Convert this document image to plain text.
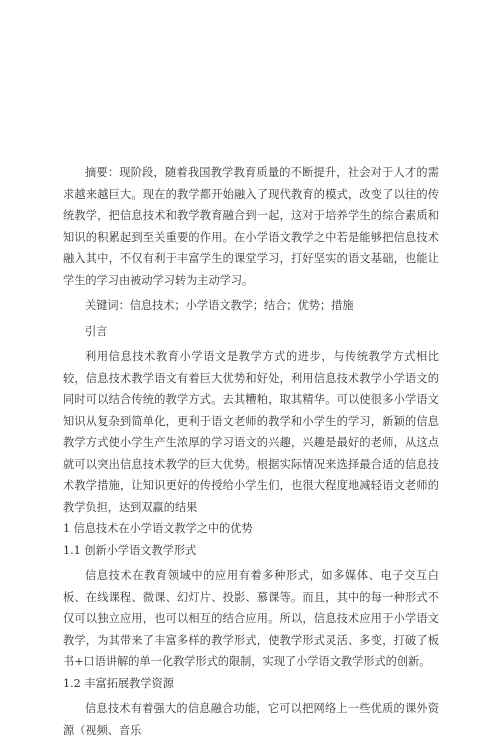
摘要：现阶段，随着我国教学教育质量的不断提升，社会对于人才的需求越来越巨大。现在的教学都开始融入了现代教育的模式，改变了以往的传统教学，把信息技术和教学教育融合到一起，这对于培养学生的综合素质和知识的积累起到至关重要的作用。在小学语文教学之中若是能够把信息技术融入其中，不仅有利于丰富学生的课堂学习，打好坚实的语文基础，也能让学生的学习由被动学习转为主动学习。

关键词：信息技术；小学语文教学；结合；优势；措施

引言

利用信息技术教育小学语文是教学方式的进步，与传统教学方式相比较，信息技术教学语文有着巨大优势和好处，利用信息技术教学小学语文的同时可以结合传统的教学方式。去其糟粕，取其精华。可以使很多小学语文知识从复杂到简单化，更利于语文老师的教学和小学生的学习，新颖的信息教学方式使小学生产生浓厚的学习语文的兴趣，兴趣是最好的老师，从这点就可以突出信息技术教学的巨大优势。根据实际情况来选择最合适的信息技术教学措施，让知识更好的传授给小学生们，也很大程度地减轻语文老师的教学负担，达到双赢的结果

1 信息技术在小学语文教学之中的优势

1.1 创新小学语文教学形式

信息技术在教育领域中的应用有着多种形式，如多媒体、电子交互白板、在线课程、微课、幻灯片、投影、慕课等。而且，其中的每一种形式不仅可以独立应用，也可以相互的结合应用。所以，信息技术应用于小学语文教学，为其带来了丰富多样的教学形式，使教学形式灵活、多变，打破了板书+口语讲解的单一化教学形式的限制，实现了小学语文教学形式的创新。

1.2 丰富拓展教学资源

信息技术有着强大的信息融合功能，它可以把网络上一些优质的课外资源（视频、音乐
